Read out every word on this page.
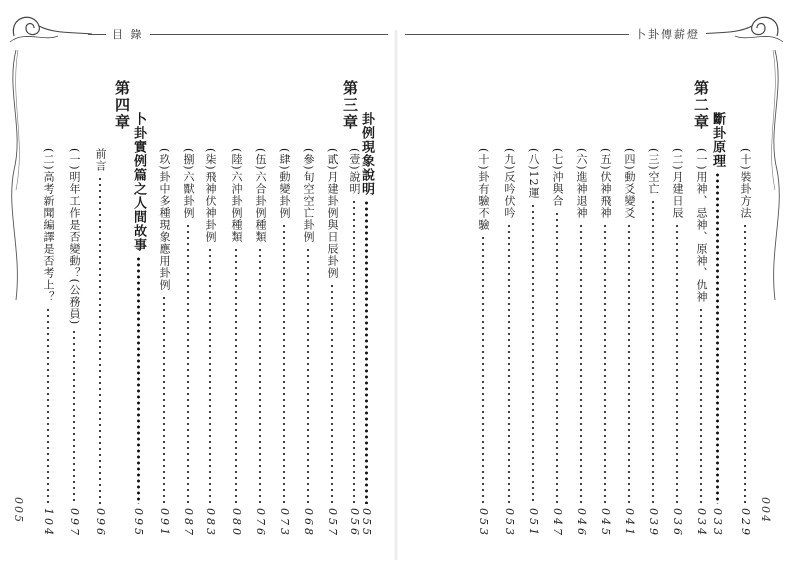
目 錄
005
(二)高考新聞編譯是否考上？
104
(一)明年工作是否變動？(公務員)
097
前言
096
第四章
卜卦實例篇之人間故事
095
(玖)卦中多種現象應用卦例
091
(捌)六獸卦例
087
(柒)飛神伏神卦例
083
(陸)六沖卦例種類
080
(伍)六合卦例種類
076
(肆)動變卦例
073
(參)旬空空亡卦例
068
(貳)月建卦例與日辰卦例
057
(壹)說明
056
第三章
卦例現象說明
055
卜卦傳薪燈
004
(十)卦有驗不驗
053
(九)反吟伏吟
053
(八)12運
051
(七)沖與合
047
(六)進神退神
046
(五)伏神飛神
045
(四)動爻變爻
041
(三)空亡
039
(二)月建日辰
036
(一)用神、忌神、原神、仇神
034
第二章
斷卦原理
033
(十)裝卦方法
029
